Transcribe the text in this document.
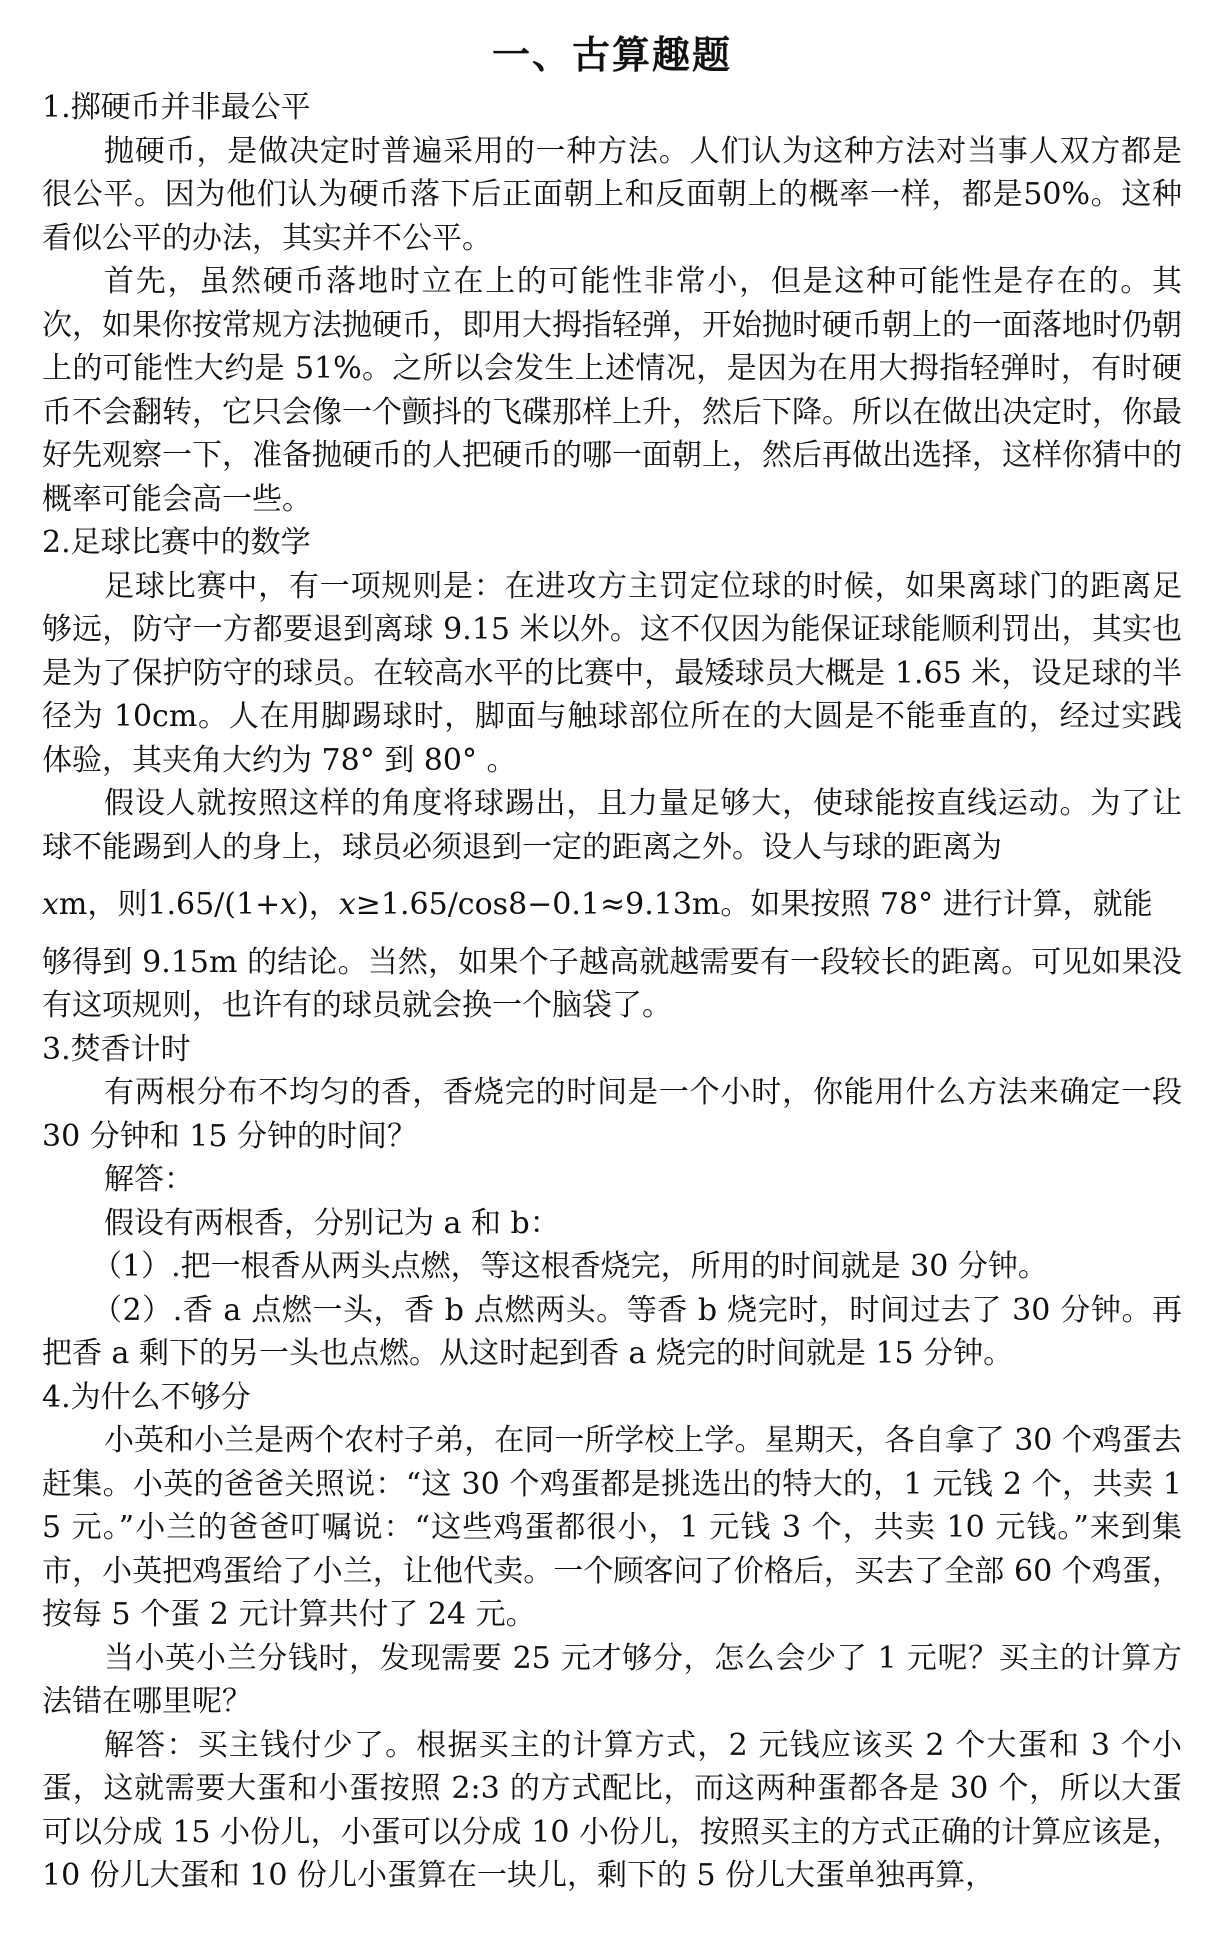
一、古算趣题

1.掷硬币并非最公平

抛硬币，是做决定时普遍采用的一种方法。人们认为这种方法对当事人双方都是很公平。因为他们认为硬币落下后正面朝上和反面朝上的概率一样，都是50%。这种看似公平的办法，其实并不公平。

首先，虽然硬币落地时立在上的可能性非常小，但是这种可能性是存在的。其次，如果你按常规方法抛硬币，即用大拇指轻弹，开始抛时硬币朝上的一面落地时仍朝上的可能性大约是 51%。之所以会发生上述情况，是因为在用大拇指轻弹时，有时硬币不会翻转，它只会像一个颤抖的飞碟那样上升，然后下降。所以在做出决定时，你最好先观察一下，准备抛硬币的人把硬币的哪一面朝上，然后再做出选择，这样你猜中的概率可能会高一些。

2.足球比赛中的数学

足球比赛中，有一项规则是：在进攻方主罚定位球的时候，如果离球门的距离足够远，防守一方都要退到离球 9.15 米以外。这不仅因为能保证球能顺利罚出，其实也是为了保护防守的球员。在较高水平的比赛中，最矮球员大概是 1.65 米，设足球的半径为 10cm。人在用脚踢球时，脚面与触球部位所在的大圆是不能垂直的，经过实践体验，其夹角大约为 78° 到 80° 。

假设人就按照这样的角度将球踢出，且力量足够大，使球能按直线运动。为了让球不能踢到人的身上，球员必须退到一定的距离之外。设人与球的距离为

xm，则1.65/(1+x)，x≥1.65/cos8−0.1≈9.13m。如果按照 78° 进行计算，就能

够得到 9.15m 的结论。当然，如果个子越高就越需要有一段较长的距离。可见如果没有这项规则，也许有的球员就会换一个脑袋了。

3.焚香计时

有两根分布不均匀的香，香烧完的时间是一个小时，你能用什么方法来确定一段 30 分钟和 15 分钟的时间？

解答：

假设有两根香，分别记为 a 和 b：

（1）.把一根香从两头点燃，等这根香烧完，所用的时间就是 30 分钟。

（2）.香 a 点燃一头，香 b 点燃两头。等香 b 烧完时，时间过去了 30 分钟。再把香 a 剩下的另一头也点燃。从这时起到香 a 烧完的时间就是 15 分钟。

4.为什么不够分

小英和小兰是两个农村子弟，在同一所学校上学。星期天，各自拿了 30 个鸡蛋去赶集。小英的爸爸关照说：“这 30 个鸡蛋都是挑选出的特大的，1 元钱 2 个，共卖 15 元。”小兰的爸爸叮嘱说：“这些鸡蛋都很小，1 元钱 3 个，共卖 10 元钱。”来到集市，小英把鸡蛋给了小兰，让他代卖。一个顾客问了价格后，买去了全部 60 个鸡蛋，按每 5 个蛋 2 元计算共付了 24 元。

当小英小兰分钱时，发现需要 25 元才够分，怎么会少了 1 元呢？买主的计算方法错在哪里呢？

解答：买主钱付少了。根据买主的计算方式，2 元钱应该买 2 个大蛋和 3 个小蛋，这就需要大蛋和小蛋按照 2:3 的方式配比，而这两种蛋都各是 30 个，所以大蛋可以分成 15 小份儿，小蛋可以分成 10 小份儿，按照买主的方式正确的计算应该是，10 份儿大蛋和 10 份儿小蛋算在一块儿，剩下的 5 份儿大蛋单独再算，
